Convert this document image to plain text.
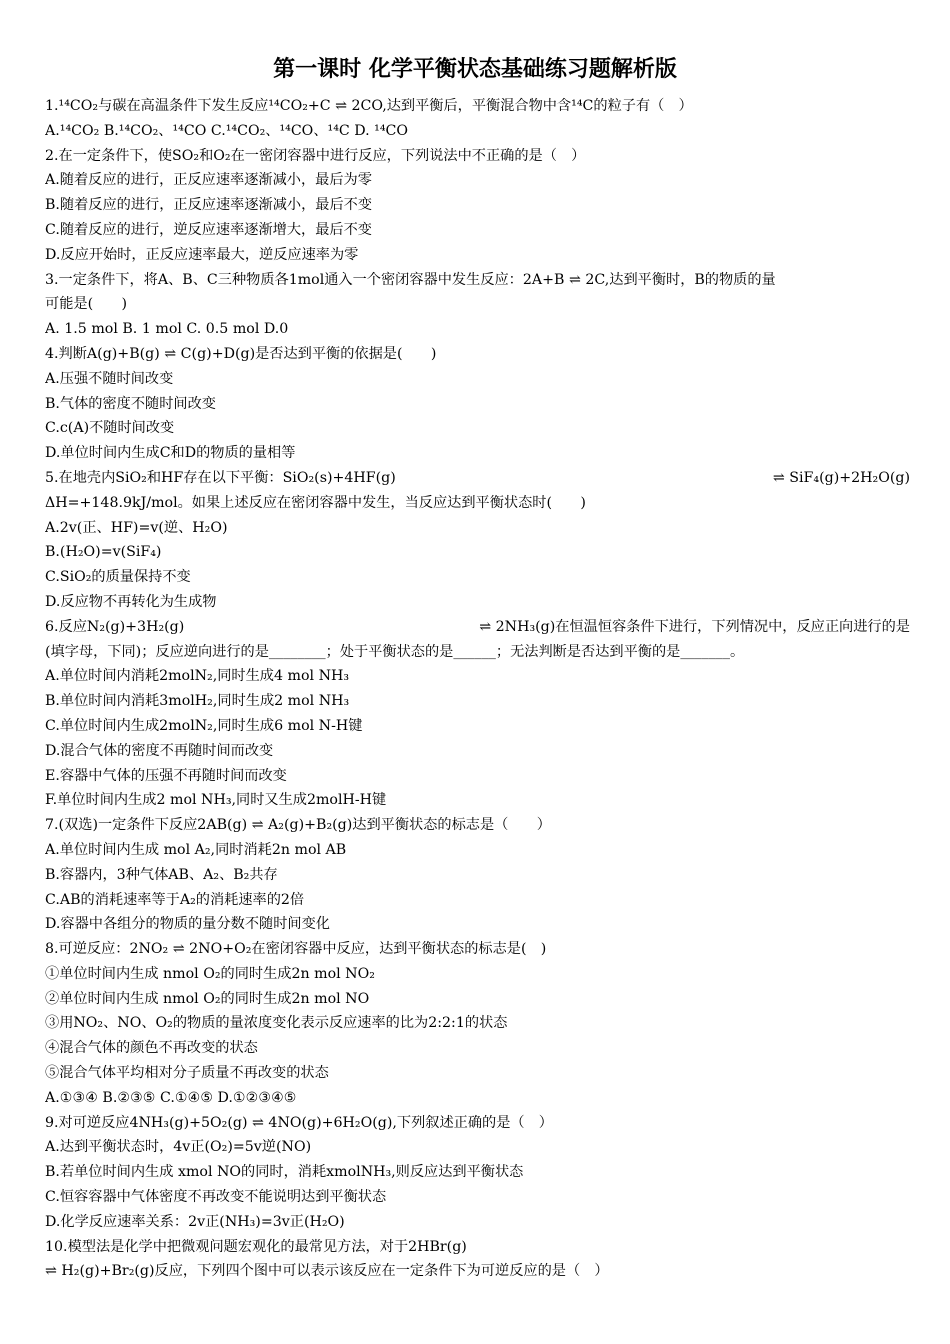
第一课时 化学平衡状态基础练习题解析版
1.¹⁴CO₂与碳在高温条件下发生反应¹⁴CO₂+C ⇌ 2CO,达到平衡后，平衡混合物中含¹⁴C的粒子有（　）
A.¹⁴CO₂ B.¹⁴CO₂、¹⁴CO C.¹⁴CO₂、¹⁴CO、¹⁴C D. ¹⁴CO
2.在一定条件下，使SO₂和O₂在一密闭容器中进行反应，下列说法中不正确的是（　）
A.随着反应的进行，正反应速率逐渐减小，最后为零
B.随着反应的进行，正反应速率逐渐减小，最后不变
C.随着反应的进行，逆反应速率逐渐增大，最后不变
D.反应开始时，正反应速率最大，逆反应速率为零
3.一定条件下，将A、B、C三种物质各1mol通入一个密闭容器中发生反应：2A+B ⇌ 2C,达到平衡时，B的物质的量
可能是(　　)
A. 1.5 mol B. 1 mol C. 0.5 mol D.0
4.判断A(g)+B(g) ⇌ C(g)+D(g)是否达到平衡的依据是(　　)
A.压强不随时间改变
B.气体的密度不随时间改变
C.c(A)不随时间改变
D.单位时间内生成C和D的物质的量相等
5.在地壳内SiO₂和HF存在以下平衡：SiO₂(s)+4HF(g)	⇌ SiF₄(g)+2H₂O(g)
ΔH=+148.9kJ/mol。如果上述反应在密闭容器中发生，当反应达到平衡状态时(　　)
A.2v(正、HF)=v(逆、H₂O)
B.(H₂O)=v(SiF₄)
C.SiO₂的质量保持不变
D.反应物不再转化为生成物
6.反应N₂(g)+3H₂(g)	⇌ 2NH₃(g)在恒温恒容条件下进行，下列情况中，反应正向进行的是
(填字母，下同)；反应逆向进行的是________；处于平衡状态的是______；无法判断是否达到平衡的是_______。
A.单位时间内消耗2molN₂,同时生成4 mol NH₃
B.单位时间内消耗3molH₂,同时生成2 mol NH₃
C.单位时间内生成2molN₂,同时生成6 mol N-H键
D.混合气体的密度不再随时间而改变
E.容器中气体的压强不再随时间而改变
F.单位时间内生成2 mol NH₃,同时又生成2molH-H键
7.(双选)一定条件下反应2AB(g) ⇌ A₂(g)+B₂(g)达到平衡状态的标志是（　　）
A.单位时间内生成 mol A₂,同时消耗2n mol AB
B.容器内，3种气体AB、A₂、B₂共存
C.AB的消耗速率等于A₂的消耗速率的2倍
D.容器中各组分的物质的量分数不随时间变化
8.可逆反应：2NO₂ ⇌ 2NO+O₂在密闭容器中反应，达到平衡状态的标志是(　)
①单位时间内生成 nmol O₂的同时生成2n mol NO₂
②单位时间内生成 nmol O₂的同时生成2n mol NO
③用NO₂、NO、O₂的物质的量浓度变化表示反应速率的比为2:2:1的状态
④混合气体的颜色不再改变的状态
⑤混合气体平均相对分子质量不再改变的状态
A.①③④ B.②③⑤ C.①④⑤ D.①②③④⑤
9.对可逆反应4NH₃(g)+5O₂(g) ⇌ 4NO(g)+6H₂O(g),下列叙述正确的是（　）
A.达到平衡状态时，4v正(O₂)=5v逆(NO)
B.若单位时间内生成 xmol NO的同时，消耗xmolNH₃,则反应达到平衡状态
C.恒容容器中气体密度不再改变不能说明达到平衡状态
D.化学反应速率关系：2v正(NH₃)=3v正(H₂O)
10.模型法是化学中把微观问题宏观化的最常见方法，对于2HBr(g)
⇌ H₂(g)+Br₂(g)反应，下列四个图中可以表示该反应在一定条件下为可逆反应的是（　）
